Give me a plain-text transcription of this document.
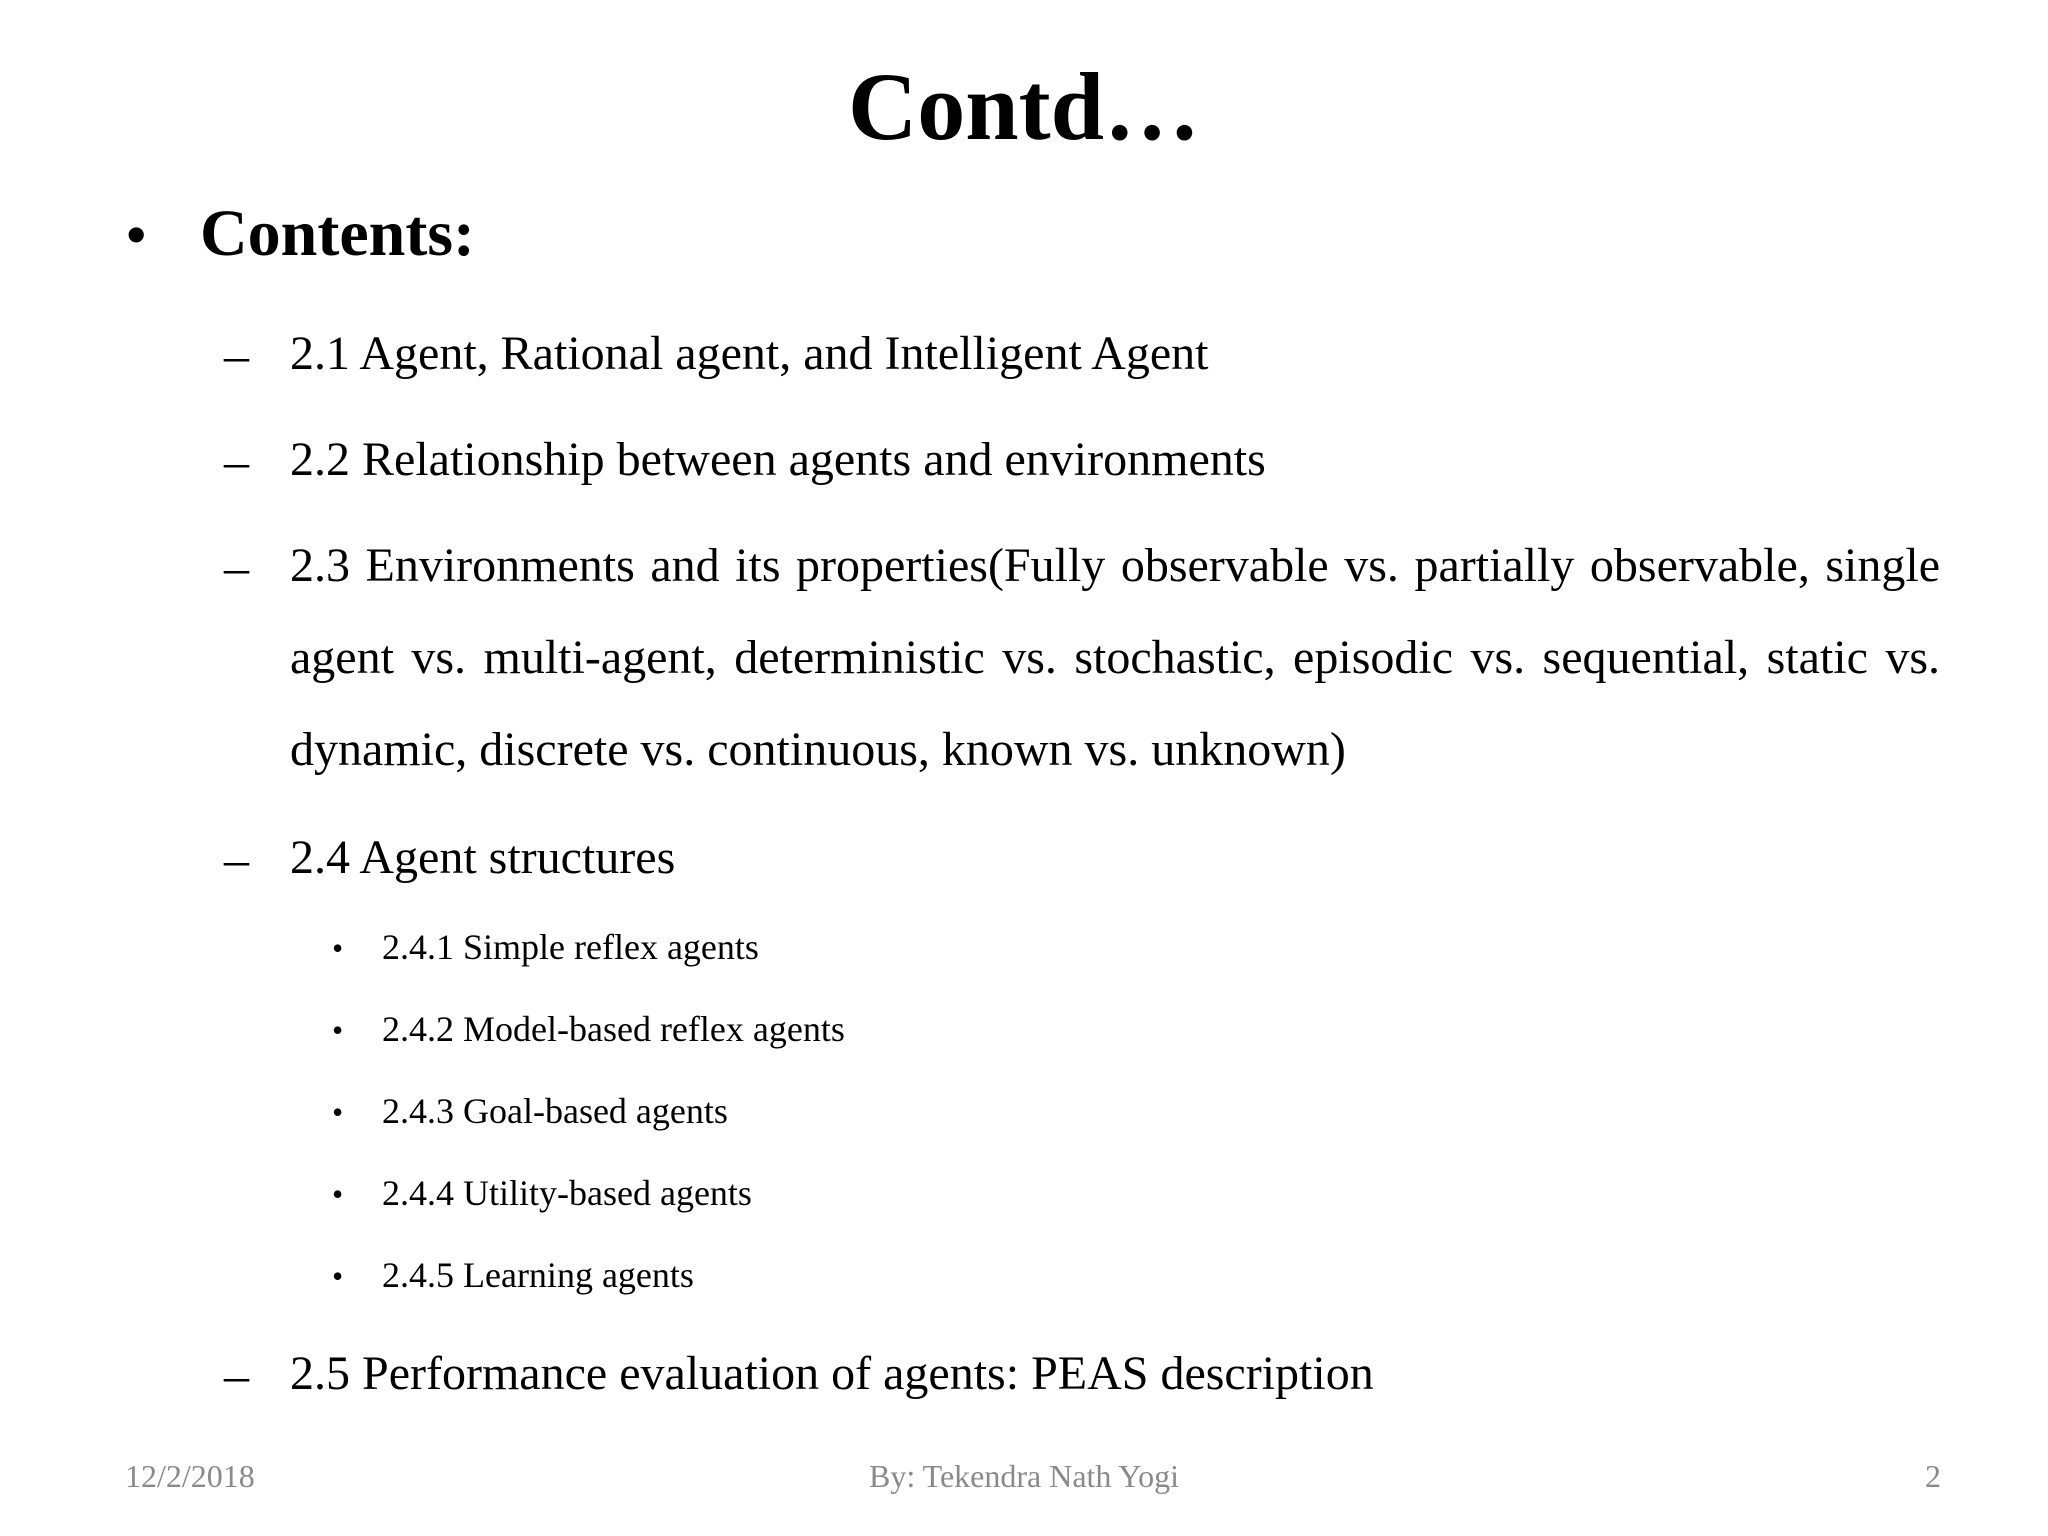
Contd…
• Contents:
– 2.1 Agent, Rational agent, and Intelligent Agent
– 2.2 Relationship between agents and environments
– 2.3 Environments and its properties(Fully observable vs. partially observable, single agent vs. multi-agent, deterministic vs. stochastic, episodic vs. sequential, static vs. dynamic, discrete vs. continuous, known vs. unknown)
– 2.4 Agent structures
• 2.4.1 Simple reflex agents
• 2.4.2 Model-based reflex agents
• 2.4.3 Goal-based agents
• 2.4.4 Utility-based agents
• 2.4.5 Learning agents
– 2.5 Performance evaluation of agents: PEAS description
12/2/2018	By: Tekendra Nath Yogi	2
